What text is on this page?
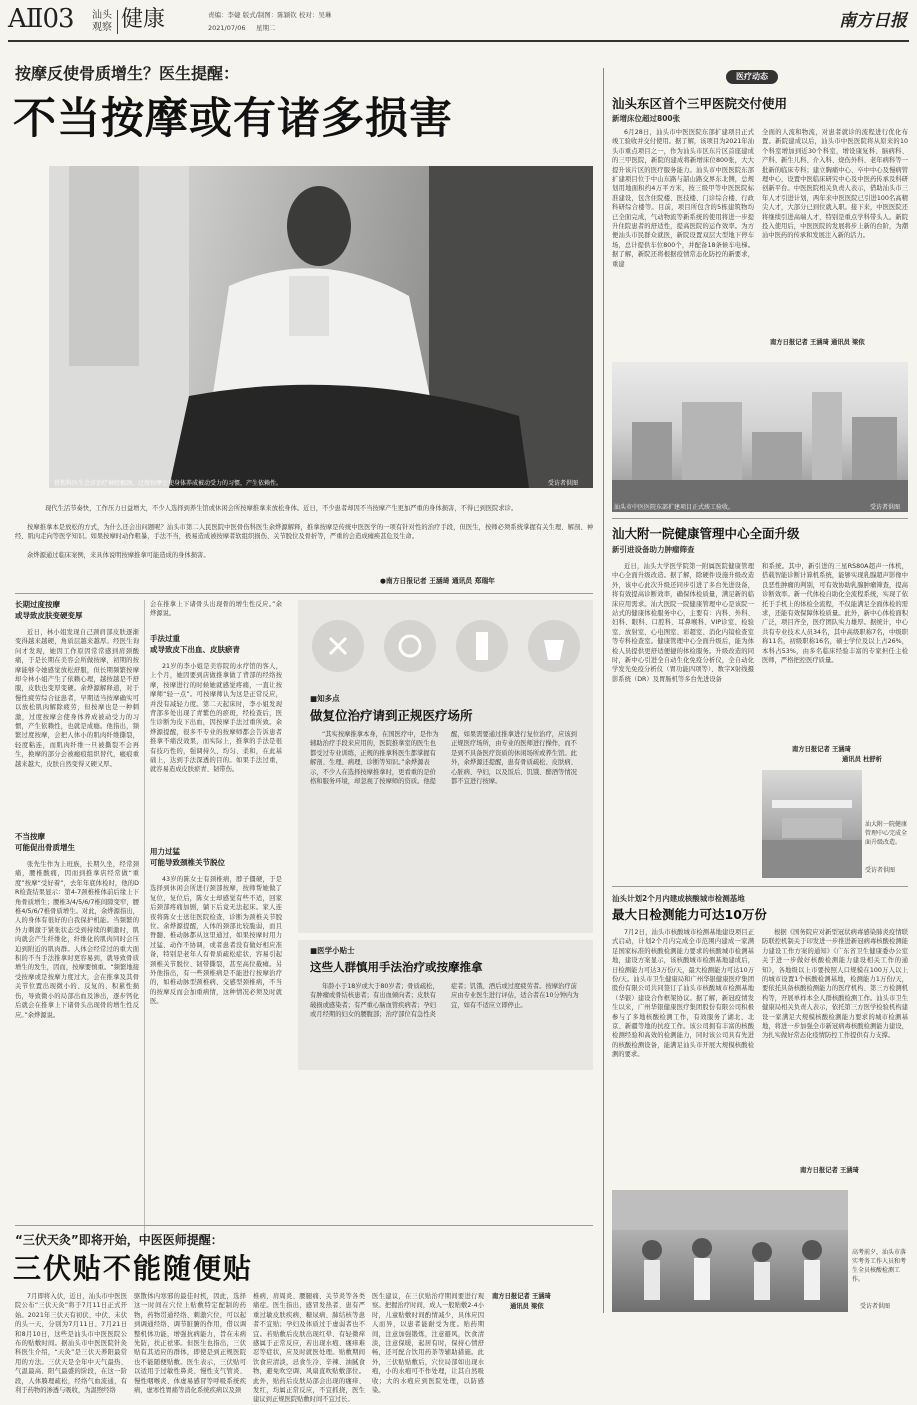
AⅡ03 汕头
观察 健康	责编：李婕 版式/制图：陈颖钦 校对：吴琳
2021/07/06 星期二	南方日报
按摩反使骨质增生？医生提醒：
不当按摩或有诸多损害
骨伤科医生会诊治疗神经根颈。过度按摩会使身体养成被动受力的习惯，产生依赖性。	受访者供图
现代生活节奏快，工作压力日益增大，不少人选择到养生馆或休闲会所按摩推拿来放松身体。近日，不少患者却因不当按摩产生更加严重的身体损害，不得已到医院求诊。
按摩推拿本是放松的方式，为什么还会出问题呢？汕头市第二人民医院中医骨伤科医生余烨源解释，推拿按摩是传统中医医学的一项有针对性的治疗手段，但医生，按师必须系统掌握有关生理、解剖、神经、肌肉走向等医学知识。如果按摩时动作粗暴，手法不当，极易造成被按摩者软组织损伤、关节脱位及骨折等，严重的会造成瘫痪甚危及生命。
余烨源通过临床案例，来具体说明按摩推拿可能造成的身体损害。
●南方日报记者 王涵琦 通讯员 郑瑞年
长期过度按摩
或导致皮肤变硬变厚
近日，林小姐发现自己颈肩部皮肤逐渐变得越来越硬，角质层越来越厚。经医生询问才发现，她因工作原因常常感到肩颈酸痛，于是长期在美容会所做按摩，初期的按摩能够令她感觉放松舒服，但长期频繁按摩却令林小姐产生了依赖心理，越按越是不舒服，皮肤也变厚变硬。余烨源解释道，对于慢性疲劳综合征患者，早期适当按摩确实可以放松肌肉解除疲劳，但按摩也是一种刺激，过度按摩会使身体养成被动受力的习惯，产生依赖性，也就是成瘾。他指出，频繁过度按摩，会把人体小的肌肉纤维撕裂，轻度粘连，而肌肉纤维一旦被撕裂不会再生，换摩的部分会被瘢痕组织替代，瘢痕重越来越大，皮肤自然变得又硬又厚。
不当按摩
可能促出骨质增生
张先生作为上班族，长期久坐，经常颈痛，腰椎酸痛，因而到推拿店经常做“重度”按摩“受好着”，去年年底体检时，他的DR检查结果显示：第4-7颈椎椎体前后缘上下角骨质增生；腰椎3/4/5/6/7椎间隙变窄，腰椎4/5/6/7椎骨质增生。对此，余烨源指出，人的身体有很好的自我保护机能。当频繁的外力刺激于紧张状态受到持续的刺激时，肌肉就会产生纤维化，纤维化的肌肉同时会压迫到附近的肌肉群。人体会经常过的重大面积的不当手法推拿时更容易到，就导致骨质增生的发生，因而，按摩要慎重。“频繁地接受按摩或是按摩力度过大，会在推拿及其骨关节位置出现微小的、反复的、积累性损伤，导致微小的局部出血及渗出，逐步钙化后就会在推拿上下诸骨头出现骨的增生性反应。”余烨源说。
会在推拿上下诸骨头出现骨的增生性反应。”余烨源说。
手法过重
或导致皮下出血、皮肤瘀青
21岁的李小姐是美容院的水疗馆的客人，上个月，她因要到店做推拿做了背部的经络按摩，按摩进行的时候她就感觉疼痛，一直让按摩师“轻一点”。可按摩师认为这是正常反应，并没有减轻力度。第二天起床时，李小姐发现背部多处出现了青紫色的瘀斑，经检查后，医生诊断为皮下出血，因按摩手法过重所致。余烨源提醒，很多不专业的按摩师都会告诉患者推拿不痛没效果，而实际上，推拿的手法是很有技巧性的，强调持久、均匀、柔和，在此基础上，达到手法深透的目的。如果手法过重，就容易造成皮肤瘀青、韧带伤。
用力过猛
可能导致颈椎关节脱位
43岁的陈女士有颈椎病，脖子僵硬，于是选择到休闲会所进行颈部按摩，按师帮她做了复位，复位后，陈女士却感觉有些不适，回家后颈部疼痛加剧，躺下后竟无法起床。家人连夜将陈女士送往医院检查，诊断为颈椎关节脱位。余烨源提醒，人体的颈部比较脆弱，而且脊髓、椎动脉都从这里通过，如果按摩时用力过猛、动作不协调，或者患者没有做好相应准备，特别是老年人有骨质疏松症状，容易引起颈椎关节脱位、韧带撕裂，甚至高位截瘫。另外他指出，有一些颈椎病是不能进行按摩治疗的，如椎动脉型颈椎病、交感型颈椎病，不当的按摩反而会加重病情，这种情况必须及时就医。
■知多点
做复位治疗请到正规医疗场所
“其实按摩推拿本身，在国医疗中，是作为辅助治疗手段来应用的，医院推拿室的医生也都受过专业训练，正规的推拿科医生都掌握有解剖、生理、病理、诊断等知识。”余烨源表示，不少人在选择按摩推拿时，更看重的是价格和服务环境，却忽视了按摩师的资质。他提醒，如果需要通过推拿进行复位治疗，应该到正规医疗场所，由专业的医师进行操作，而不是到不具备医疗资质的休闲场所或养生馆。此外，余烨源还提醒，患有骨质疏松、皮肤病、心脏病、孕妇，以及饭后、饥饿、醉酒等情况都不宜进行按摩。
■医学小贴士
这些人群慎用手法治疗或按摩推拿
年龄小于18岁或大于80岁者；骨质疏松，有肿瘤或骨结核患者；有出血倾向者；皮肤有破损或感染者；有严重心脑血管疾病者；孕妇或月经期的妇女的腰腹部；治疗部位有急性炎症者；饥饿、酒后或过度疲劳者。按摩治疗前应由专业医生进行评估，适合者在10分钟内为宜，如有不适应立即停止。
“三伏天灸”即将开始，中医医师提醒：
三伏贴不能随便贴
7月即将入伏，近日，汕头市中医医院公布“三伏天灸”将于7月11日正式开始。2021年三伏天有初伏、中伏、末伏的头一天，分别为7月11日、7月21日和8月10日，这些是汕头市中医医院公布的贴敷时间。据汕头市中医医院针灸科医生介绍，“天灸”是三伏天养阳最常用的方法。三伏天是全年中天气最热、气温最高、阳气最盛的阶段，在这一阶段，人体腠理疏松，经络气血流通，有利于药物的渗透与吸收，为温煦经络
驱散体内寒邪的最佳时机，因此，选择这一时间在穴位上贴敷特定配制的药物，药物贯通经络、刺激穴位，可以起到调通经络、调节脏腑的作用，借以调整机体功能，增强抗病能力，旨在未病先防，扶正祛邪。但医生也指出，三伏贴有其适应的群体，即使是到正规医院也不能随便贴敷。医生表示，三伏贴可以适用于过敏性鼻炎、慢性支气管炎、慢性咽喉炎、体虚易感冒等呼吸系统疾病，虚寒性胃痛等消化系统疾病以及颈
椎病、肩周炎、腰腿痛、关节炎等各类痛症。医生指出，感冒发热者、患有严重过敏皮肤疾病、糖尿病、肺结核等患者不宜贴；孕妇及体质过于虚弱者也不宜。若贴敷后皮肤出现红晕、有轻微痒感属于正常反应，若出现水疱、瘙痒难忍等症状，应及时就医处理。贴敷期间饮食应清淡，忌食生冷、辛辣、油腻食物，避免吹空调、风扇直吹贴敷部位。此外，贴药后皮肤局部会出现的瘙痒、发红，均属正常反应，不宜抓挠，医生建议到正规医院贴敷时间不宜过长。
医生建议，在三伏贴治疗期间要进行观察。把握治疗时间，成人一般贴敷2-4小时，儿童贴敷时间酌情减少，具体应因人而异，以患者能耐受为度。贴药期间，注意加强锻炼，注意避风，饮食清淡，注意保暖，起居有时，保持心情舒畅，还可配合饮用药茶等辅助措施。此外，三伏贴贴敷后，穴位局部如出现水疱，小的水疱可不作处理，让其自然吸收；大的水疱应到医院处理，以防感染。
南方日报记者 王涵琦
通讯员 梁依
医疗动态
汕头东区首个三甲医院交付使用
新增床位超过800张
6月28日，汕头市中医医院东部扩建项目正式竣工验收并交付使用。据了解，该项目为2021年汕头市重点项目之一，作为汕头市区东片区首座建成的三甲医院，新院的建成将新增床位800张，大大提升该片区的医疗服务能力。汕头市中医医院东部扩建项目位于中山东路与韶山路交界东北侧，总规划用地面积约4万平方米，按三级甲等中医医院标准建设，包含住院楼、医技楼、门诊综合楼、行政科研综合楼等。目前，项目所包含的5栋建筑物均已全面完成，气动物流等新系统的使用将进一步提升住院患者的舒适性，提高医院的运作效率。为方便汕头市民群众就医，新院设置双层大型地下停车场，总计提供车位800个，并配备18条候车电梯。据了解，新院还将根据疫情常态化防控的新要求，重建
全面的人流和物流，对患者就诊的流程进行优化布置。新院建成以后，汕头市中医医院将从原来的10个科室增加到近30个科室，增设康复科、脑病科、产科、新生儿科、介入科、烧伤外科、老年病科等一批新的临床专科；建立胸痛中心、卒中中心及慢病管理中心，设置中医临床研究中心及中医药传承及科研创新平台。中医医院相关负责人表示，借助汕头市三年人才引进计划，两年来中医医院已引进100名高精尖人才，大部分已到位就入职。接下来，中医医院还将继续引进高端人才，特别是重点学科带头人。新院投入使用后，中医医院的发展将步上新的台阶，为潮汕中医药的传承和发展注入新的活力。
南方日报记者 王涵琦 通讯员 梁依
汕头市中医医院东部扩建项目正式竣工验收。	受访者供图
汕大附一院健康管理中心全面升级
新引进设备助力肿瘤筛查
近日，汕头大学医学院第一附属医院健康管理中心全面升级改造。据了解，除硬件设施升级改造外，该中心此次升级还同步引进了多台先进设备，将有效提高诊断效率，确保体检质量，满足新的临床应用需求。汕大医院一院健康管理中心是该院一站式的健康体检服务中心，主要有：内科、外科、妇科、眼科、口腔科、耳鼻喉科、VIP诊室、检验室、放射室、心电图室、彩超室、消化内镜检查室等专科检查室。健康管理中心全面升级后，能为体检人员提供更舒适便捷的体检服务。升级改造的同时，新中心引进全自动生化免疫分析仪，全自动化学发光免疫分析仪（胃功能四项等）、数字X射线摄影系统（DR）及胃肠机等多台先进设备
和系统。其中，新引进的三星RS80A超声一体机，搭载智能诊断计算机系统，能够实现乳腺超声影像中良恶性肿瘤的判别，可有效协助乳腺肿瘤筛查，提高诊断效率。新一代体检自助化全流程系统，实现了依托于手机上的体检全流程，不仅能满足全面体检的需求，还能有效保障体检质量。此外，新中心体检面积广泛，项目齐全，医疗团队实力雄厚。据统计，中心共有专业技术人员34名，其中高级职称7名，中级职称11名，初级职称16名，硕士学位及以上占26%，本科占53%，由多名临床经验丰富的专家担任主检医师，严格把控医疗质量。
南方日报记者 王涵琦
通讯员 杜舒析
汕大附一院健康管理中心完成全面升级改造。
受访者供图
汕头计划2个月内建成核酸城市检测基地
最大日检测能力可达10万份
7月2日，汕头市核酸城市检测基地建设项目正式启动，计划2个月内完成全市范围内建成一家满足国家标准的核酸检测能力要求的核酸城市检测基地，建设方案显示，该核酸城市检测基地建成后，日检测能力可达3万份/天，最大检测能力可达10万份/天。汕头市卫生健康局和广州华银健康医疗集团股份有限公司共同签订了汕头市核酸城市检测基地（华银）建设合作框架协议。据了解，新冠疫情发生以来，广州华银健康医疗集团股份有限公司积极参与了多地核酸检测工作，有效服务了湖北、北京、新疆等地的抗疫工作。该公司拥有丰富的核酸检测经验和高效的检测能力，同时该公司具有先进的核酸检测设备，能满足汕头市开展大规模核酸检测的要求。
根据《国务院应对新型冠状病毒感染肺炎疫情联防联控机制关于印发进一步推进新冠病毒核酸检测能力建设工作方案的通知》《广东省卫生健康委办公室关于进一步做好核酸检测能力建设相关工作的通知》，各地级以上市要按照人口规模在100万人以上的城市设置1个核酸检测基地，检测能力1万份/天，要依托具备核酸检测能力的医疗机构、第三方检测机构等，开展单样本全人群核酸检测工作。汕头市卫生健康局相关负责人表示，依托第三方医学检验机构建设一家满足大规模核酸检测能力要求的城市检测基地，将进一步加强全市新冠病毒核酸检测能力建设，为扎实做好常态化疫情防控工作提供有力支撑。
南方日报记者 王涵琦
高考前夕，汕头市落实考务工作人员和考生全员核酸检测工作。
受访者供图
